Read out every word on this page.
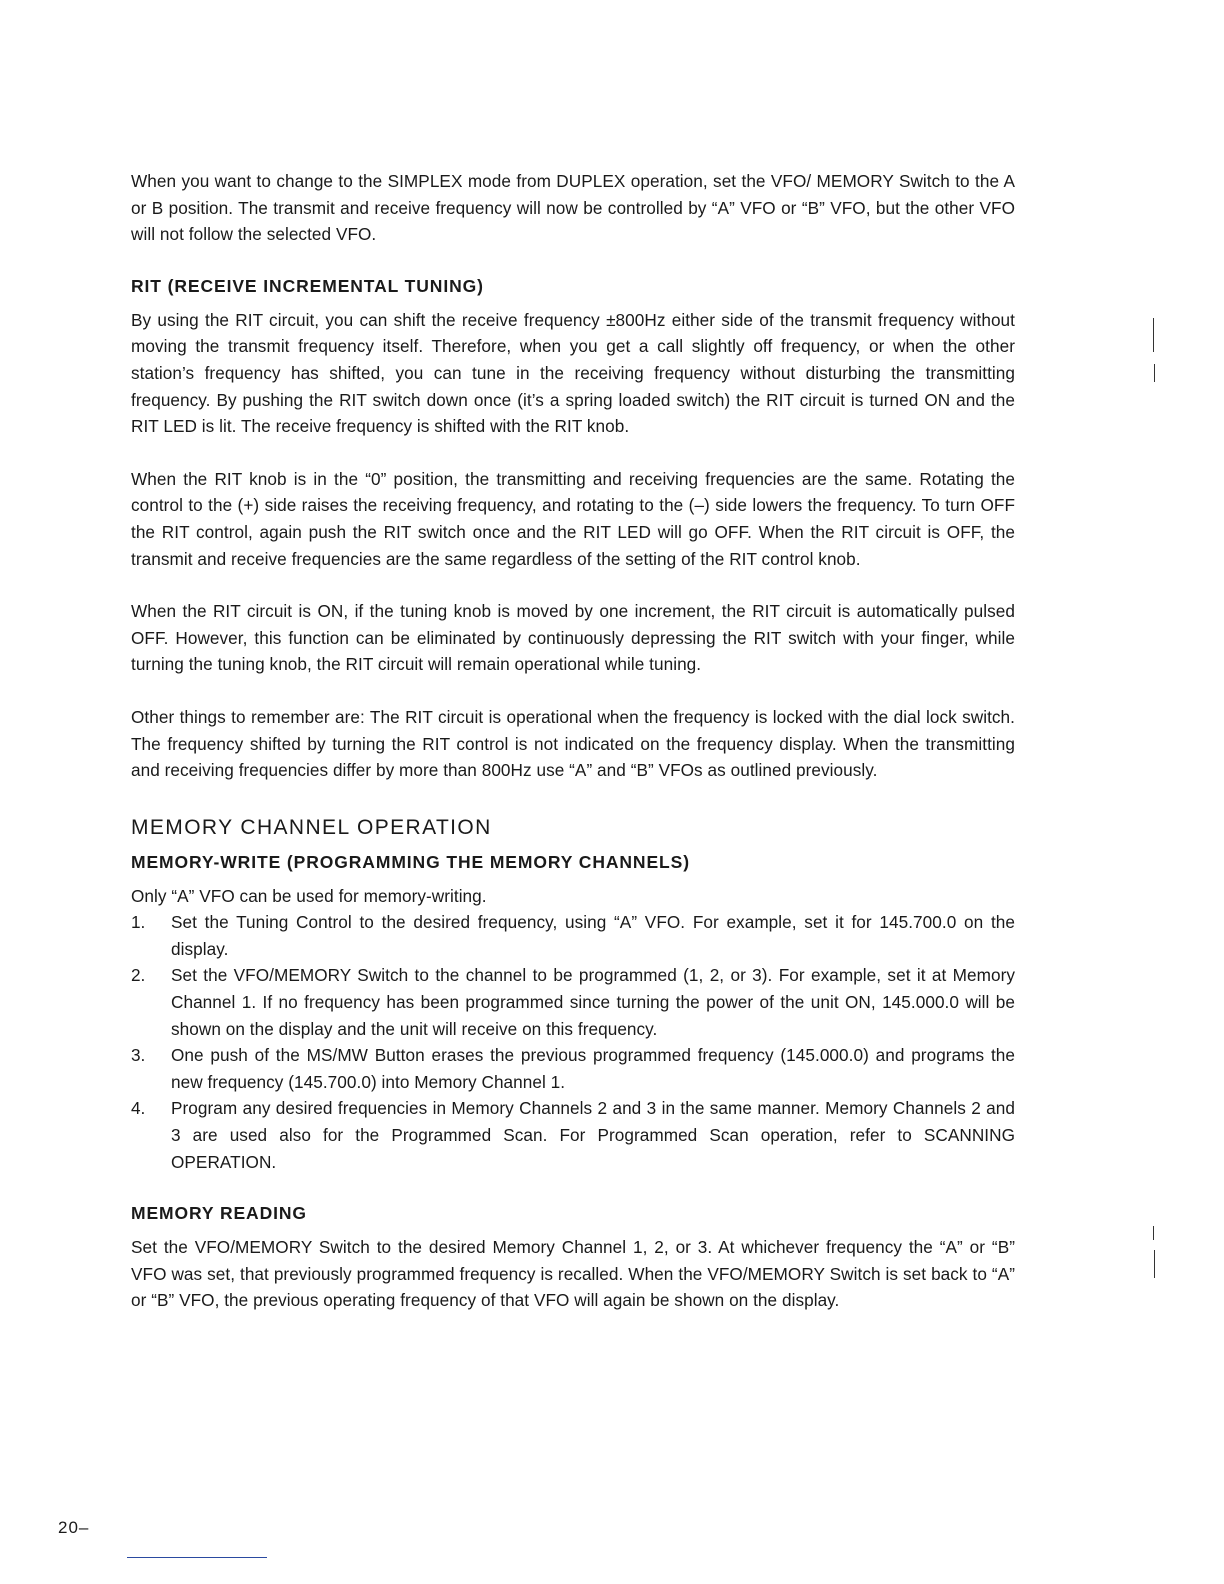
When you want to change to the SIMPLEX mode from DUPLEX operation, set the VFO/ MEMORY Switch to the A or B position. The transmit and receive frequency will now be controlled by “A” VFO or “B” VFO, but the other VFO will not follow the selected VFO.

RIT (RECEIVE INCREMENTAL TUNING)

By using the RIT circuit, you can shift the receive frequency ±800Hz either side of the transmit frequency without moving the transmit frequency itself. Therefore, when you get a call slightly off frequency, or when the other station’s frequency has shifted, you can tune in the receiving frequency without disturbing the transmitting frequency. By pushing the RIT switch down once (it’s a spring loaded switch) the RIT circuit is turned ON and the RIT LED is lit. The receive frequency is shifted with the RIT knob.

When the RIT knob is in the “0” position, the transmitting and receiving frequencies are the same. Rotating the control to the (+) side raises the receiving frequency, and rotating to the (–) side lowers the frequency. To turn OFF the RIT control, again push the RIT switch once and the RIT LED will go OFF. When the RIT circuit is OFF, the transmit and receive frequencies are the same regardless of the setting of the RIT control knob.

When the RIT circuit is ON, if the tuning knob is moved by one increment, the RIT circuit is automatically pulsed OFF. However, this function can be eliminated by continuously depressing the RIT switch with your finger, while turning the tuning knob, the RIT circuit will remain operational while tuning.

Other things to remember are: The RIT circuit is operational when the frequency is locked with the dial lock switch. The frequency shifted by turning the RIT control is not indicated on the frequency display. When the transmitting and receiving frequencies differ by more than 800Hz use “A” and “B” VFOs as outlined previously.

MEMORY CHANNEL OPERATION
MEMORY-WRITE (PROGRAMMING THE MEMORY CHANNELS)

Only “A” VFO can be used for memory-writing.

1.	Set the Tuning Control to the desired frequency, using “A” VFO. For example, set it for 145.700.0 on the display.
2.	Set the VFO/MEMORY Switch to the channel to be programmed (1, 2, or 3). For example, set it at Memory Channel 1. If no frequency has been programmed since turning the power of the unit ON, 145.000.0 will be shown on the display and the unit will receive on this frequency.
3.	One push of the MS/MW Button erases the previous programmed frequency (145.000.0) and programs the new frequency (145.700.0) into Memory Channel 1.
4.	Program any desired frequencies in Memory Channels 2 and 3 in the same manner. Memory Channels 2 and 3 are used also for the Programmed Scan. For Programmed Scan operation, refer to SCANNING OPERATION.
MEMORY READING

Set the VFO/MEMORY Switch to the desired Memory Channel 1, 2, or 3. At whichever frequency the “A” or “B” VFO was set, that previously programmed frequency is recalled. When the VFO/MEMORY Switch is set back to “A” or “B” VFO, the previous operating frequency of that VFO will again be shown on the display.

20–
